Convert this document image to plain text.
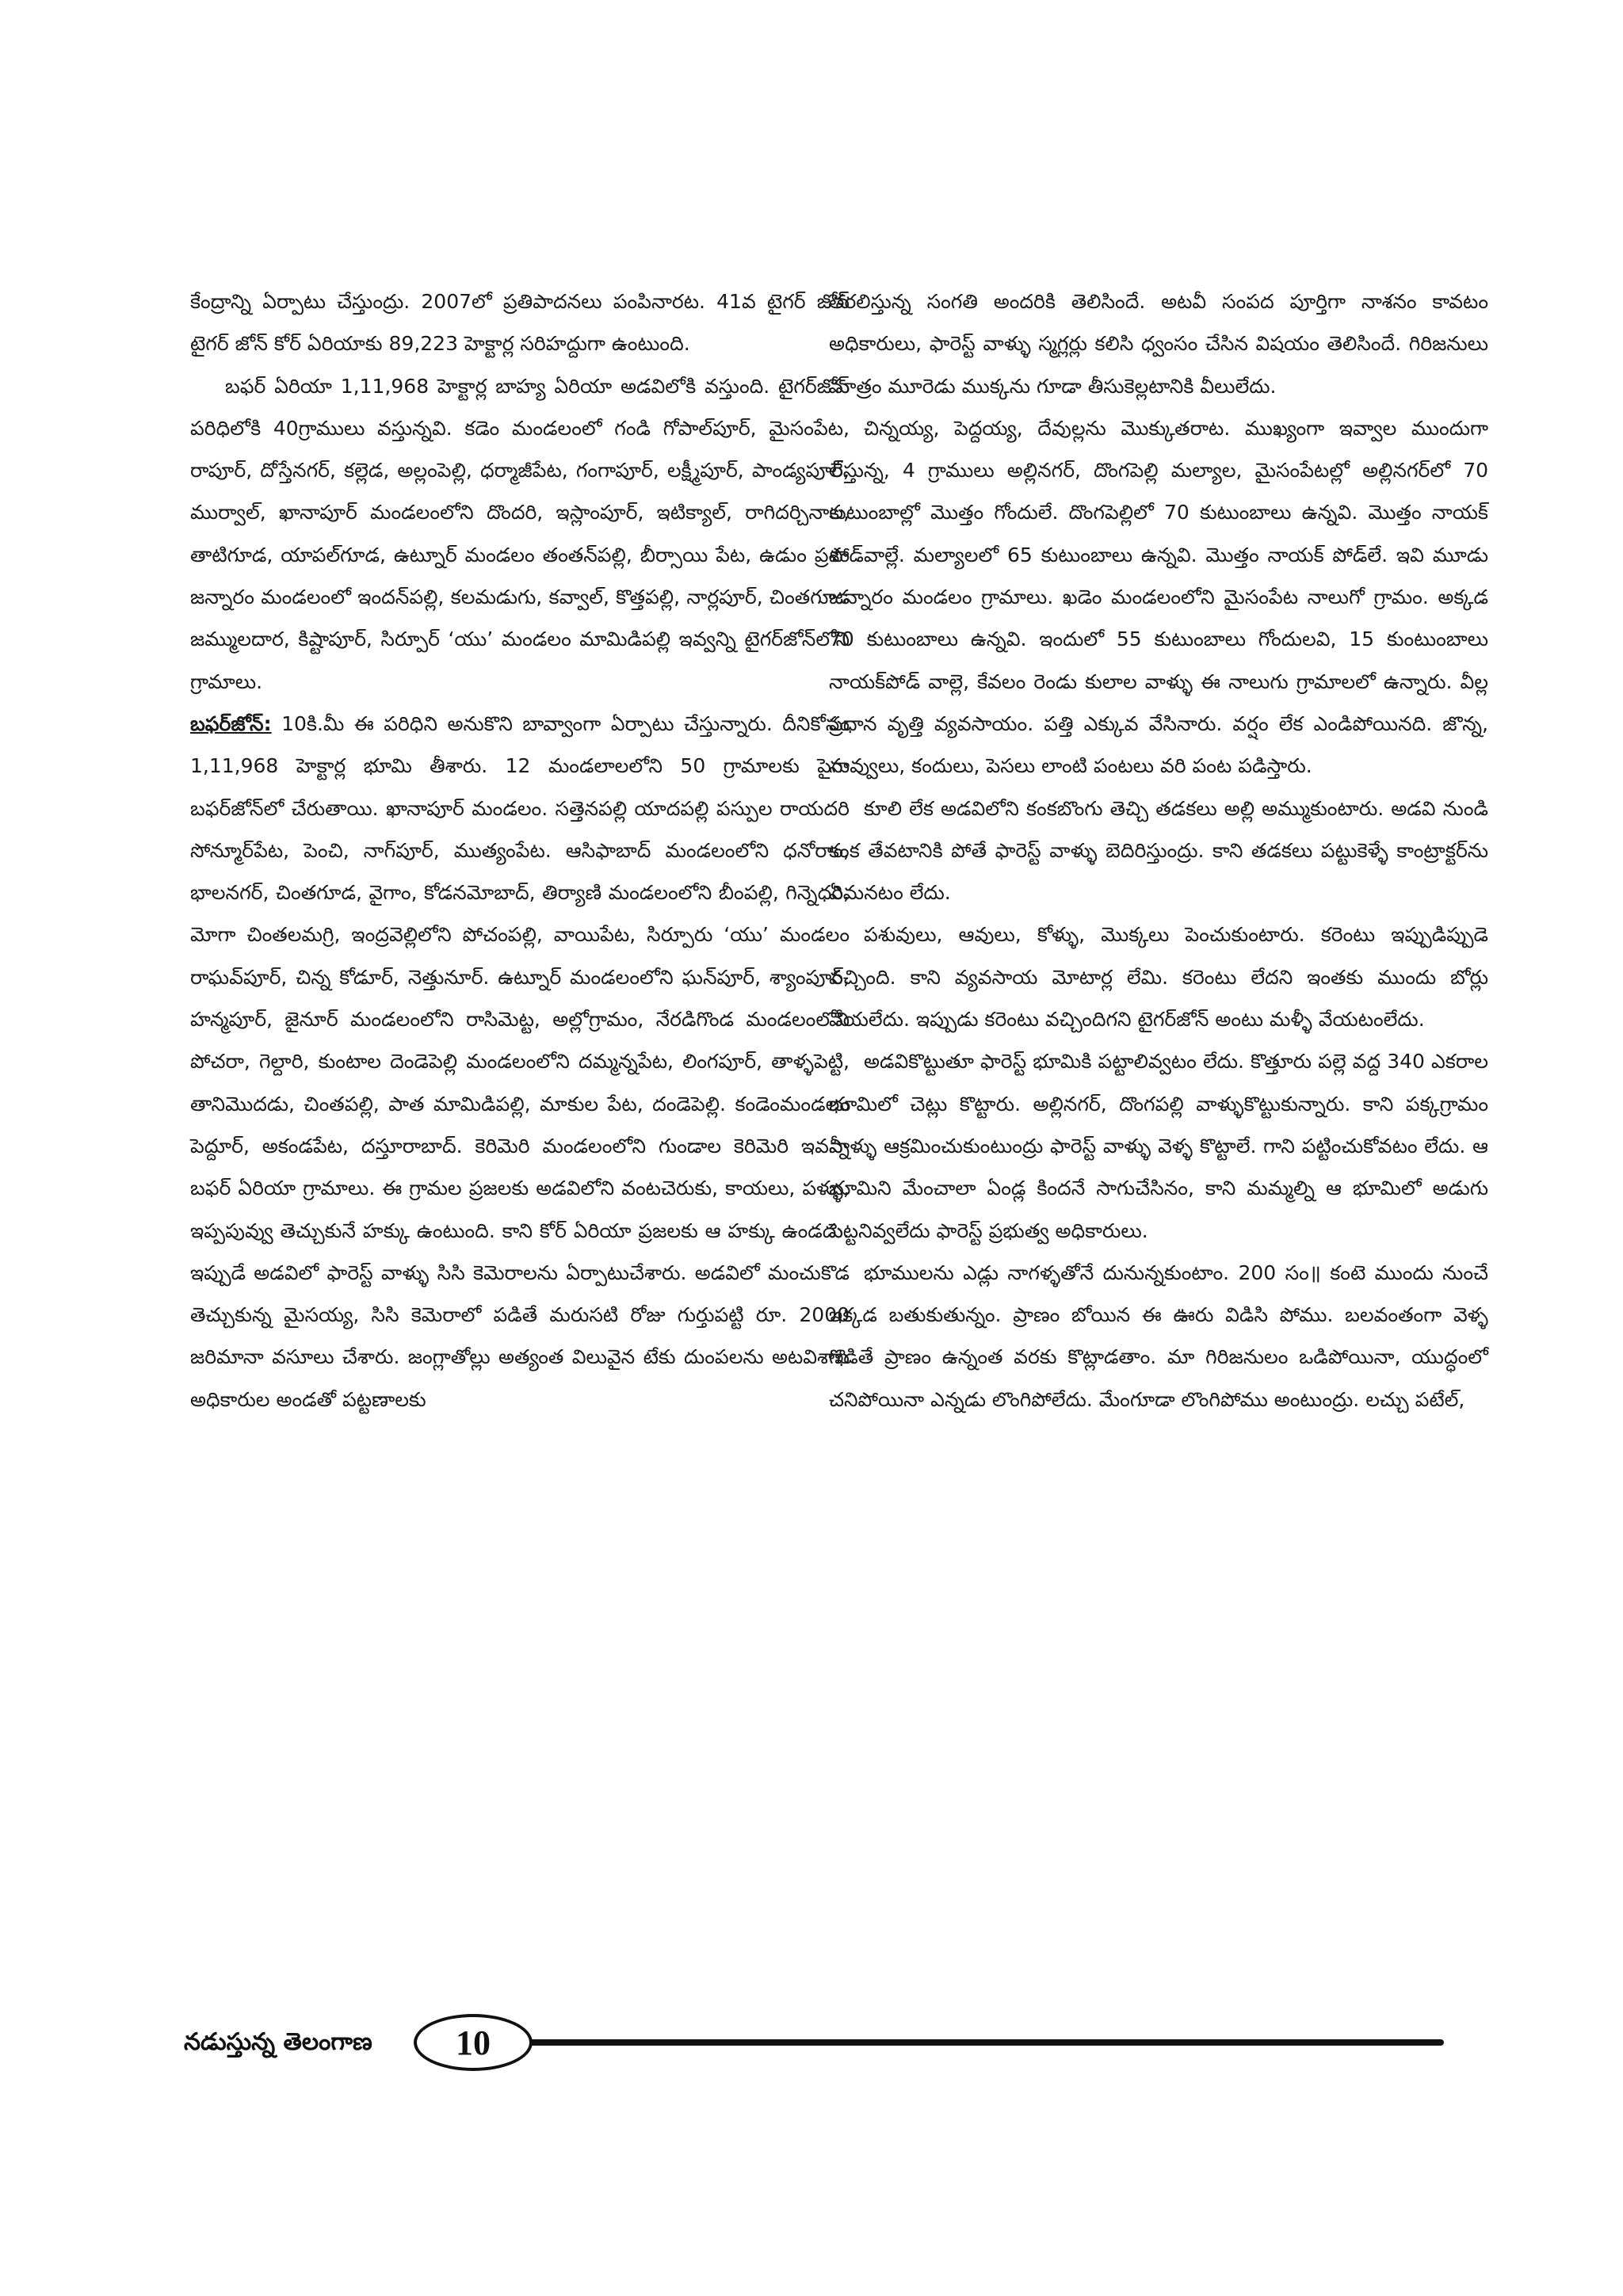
కేంద్రాన్ని ఏర్పాటు చేస్తుంద్రు. 2007లో ప్రతిపాదనలు పంపినారట. 41వ టైగర్ జోన్ టైగర్ జోన్ కోర్ ఏరియాకు 89,223 హెక్టార్ల సరిహద్దుగా ఉంటుంది.

బఫర్ ఏరియా 1,11,968 హెక్టార్ల బాహ్య ఏరియా అడవిలోకి వస్తుంది. టైగర్‌జోన్ పరిధిలోకి 40గ్రాములు వస్తున్నవి. కడెం మండలంలో గండి గోపాల్‌పూర్, మైసంపేట, రాపూర్, దోస్తేనగర్, కల్లెడ, అల్లంపెల్లి, ధర్మాజీపేట, గంగాపూర్, లక్ష్మీపూర్, పాండ్యపూర్, ముర్వాల్, ఖానాపూర్ మండలంలోని దొందరి, ఇస్లాంపూర్, ఇటిక్యాల్, రాగిదర్చినాల, తాటిగూడ, యాపల్‌గూడ, ఉట్నూర్ మండలం తంతన్‌పల్లి, బీర్సాయి పేట, ఉడుం ప్రశం జన్నారం మండలంలో ఇందన్‌పల్లి, కలమడుగు, కవ్వాల్, కొత్తపల్లి, నార్లపూర్, చింతగూడ జమ్ములదార, కిష్టాపూర్, సిర్పూర్ ‘యు’ మండలం మామిడిపల్లి ఇవ్వన్ని టైగర్‌జోన్‌లోని గ్రామాలు.

బఫర్‌జోన్: 10కి.మీ ఈ పరిధిని అనుకొని బావ్వాంగా ఏర్పాటు చేస్తున్నారు. దీనికోసం 1,11,968 హెక్టార్ల భూమి తీశారు. 12 మండలాలలోని 50 గ్రామాలకు పైగా బఫర్‌జోన్‌లో చేరుతాయి. ఖానాపూర్ మండలం. సత్తెనపల్లి యాదపల్లి పస్పుల రాయదరి సోన్మూర్‌పేట, పెంచి, నాగ్‌పూర్, ముత్యంపేట. ఆసిఫాబాద్ మండలంలోని ధనోరాం, భాలనగర్, చింతగూడ, వైగాం, కోడనమోబాద్, తిర్యాణి మండలంలోని బీంపల్లి, గిన్నెధరి, మోగా చింతలమగ్రి, ఇంద్రవెల్లిలోని పోచంపల్లి, వాయిపేట, సిర్పూరు ‘యు’ మండలం రాఘవ్‌పూర్, చిన్న కోడూర్, నెత్తునూర్. ఉట్నూర్ మండలంలోని ఘన్‌పూర్, శ్యాంపూర్, హన్మపూర్, జైనూర్ మండలంలోని రాసిమెట్ట, అల్లోగ్రామం, నేరడిగొండ మండలంలోని పోచరా, గెల్దారి, కుంటాల దెండెపెల్లి మండలంలోని దమ్మన్నపేట, లింగపూర్, తాళ్ళపెట్టి, తానిమొదడు, చింతపల్లి, పాత మామిడిపల్లి, మాకుల పేట, దండెపెల్లి. కండెంమండలం పెద్దూర్, అకండపేట, దస్తూరాబాద్. కెరిమెరి మండలంలోని గుండాల కెరిమెరి ఇవన్నీ బఫర్ ఏరియా గ్రామాలు. ఈ గ్రామల ప్రజలకు అడవిలోని వంటచెరుకు, కాయలు, పళ్ళు, ఇప్పపువ్వు తెచ్చుకునే హక్కు ఉంటుంది. కాని కోర్ ఏరియా ప్రజలకు ఆ హక్కు ఉండదు. ఇప్పుడే అడవిలో ఫారెస్ట్ వాళ్ళు సిసి కెమెరాలను ఏర్పాటుచేశారు. అడవిలో మంచుకొడ తెచ్చుకున్న మైసయ్య, సిసి కెమెరాలో పడితే మరుసటి రోజు గుర్తుపట్టి రూ. 2000 జరిమానా వసూలు చేశారు. జంగ్లాతోల్లు అత్యంత విలువైన టేకు దుంపలను అటవిశాఖ అధికారుల అండతో పట్టణాలకు

తరలిస్తున్న సంగతి అందరికి తెలిసిందే. అటవీ సంపద పూర్తిగా నాశనం కావటం అధికారులు, ఫారెస్ట్ వాళ్ళు స్మగ్లర్లు కలిసి ధ్వంసం చేసిన విషయం తెలిసిందే. గిరిజనులు మాత్రం మూరెడు ముక్కను గూడా తీసుకెల్లటానికి వీలులేదు.

చిన్నయ్య, పెద్దయ్య, దేవుల్లను మొక్కుతరాట. ముఖ్యంగా ఇవ్వాల ముందుగా లేస్తున్న, 4 గ్రాములు అల్లినగర్, దొంగపెల్లి మల్యాల, మైసంపేటల్లో అల్లినగర్‌లో 70 కుటుంబాల్లో మొత్తం గోందులే. దొంగపెల్లిలో 70 కుటుంబాలు ఉన్నవి. మొత్తం నాయక్ పోడ్‌వాల్లే. మల్యాలలో 65 కుటుంబాలు ఉన్నవి. మొత్తం నాయక్ పోడ్‌లే. ఇవి మూడు జన్నారం మండలం గ్రామాలు. ఖడెం మండలంలోని మైసంపేట నాలుగో గ్రామం. అక్కడ 70 కుటుంబాలు ఉన్నవి. ఇందులో 55 కుటుంబాలు గోందులవి, 15 కుంటుంబాలు నాయక్‌పోడ్ వాల్లె, కేవలం రెండు కులాల వాళ్ళు ఈ నాలుగు గ్రామాలలో ఉన్నారు. వీల్ల ప్రధాన వృత్తి వ్యవసాయం. పత్తి ఎక్కువ వేసినారు. వర్షం లేక ఎండిపోయినది. జొన్న, నువ్వులు, కందులు, పెసలు లాంటి పంటలు వరి పంట పడిస్తారు.

కూలి లేక అడవిలోని కంకబొంగు తెచ్చి తడకలు అల్లి అమ్ముకుంటారు. అడవి నుండి కంక తేవటానికి పోతే ఫారెస్ట్ వాళ్ళు బెదిరిస్తుంద్రు. కాని తడకలు పట్టుకెళ్ళే కాంట్రాక్టర్‌ను ఏమనటం లేదు.

పశువులు, ఆవులు, కోళ్ళు, మొక్కలు పెంచుకుంటారు. కరెంటు ఇప్పుడిప్పుడె వచ్చింది. కాని వ్యవసాయ మోటార్ల లేమి. కరెంటు లేదని ఇంతకు ముందు బోర్లు వేయలేదు. ఇప్పుడు కరెంటు వచ్చిందిగని టైగర్‌జోన్ అంటు మళ్ళీ వేయటంలేదు.

అడవికొట్టుతూ ఫారెస్ట్ భూమికి పట్టాలివ్వటం లేదు. కొత్తూరు పల్లె వద్ద 340 ఎకరాల భూమిలో చెట్లు కొట్టారు. అల్లినగర్, దొంగపల్లి వాళ్ళుకొట్టుకున్నారు. కాని పక్కగ్రామం వాళ్ళు ఆక్రమించుకుంటుంద్రు ఫారెస్ట్ వాళ్ళు వెళ్ళ కొట్టాలే. గాని పట్టించుకోవటం లేదు. ఆ భూమిని మేంచాలా ఏండ్ల కిందనే సాగుచేసినం, కాని మమ్మల్ని ఆ భూమిలో అడుగు పెట్టనివ్వలేదు ఫారెస్ట్ ప్రభుత్వ అధికారులు.

భూములను ఎడ్లు నాగళ్ళతోనే దునున్నకుంటాం. 200 సం॥ కంటె ముందు నుంచే ఇక్కడ బతుకుతున్నం. ప్రాణం బోయిన ఈ ఊరు విడిసి పోము. బలవంతంగా వెళ్ళ గొడితే ప్రాణం ఉన్నంత వరకు కొట్లాడతాం. మా గిరిజనులం ఒడిపోయినా, యుద్ధంలో చనిపోయినా ఎన్నడు లొంగిపోలేదు. మేంగూడా లొంగిపోము అంటుంద్రు. లచ్చు పటేల్,

నడుస్తున్న తెలంగాణ 10
